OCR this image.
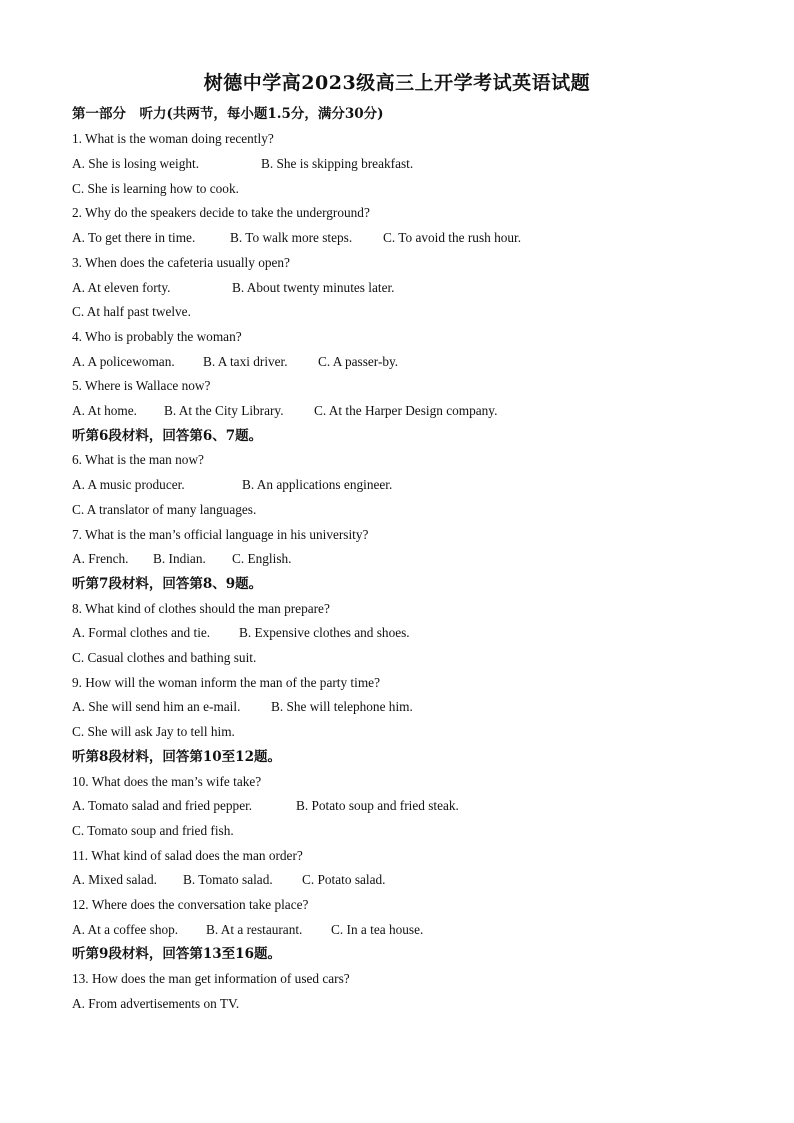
树德中学高2023级高三上开学考试英语试题
第一部分　听力(共两节，每小题1.5分，满分30分)
1. What is the woman doing recently?
A. She is losing weight.	B. She is skipping breakfast.
C. She is learning how to cook.
2. Why do the speakers decide to take the underground?
A. To get there in time.	B. To walk more steps. C. To avoid the rush hour.
3. When does the cafeteria usually open?
A. At eleven forty.	B. About twenty minutes later.
C. At half past twelve.
4. Who is probably the woman?
A. A policewoman. B. A taxi driver. C. A passer-by.
5. Where is Wallace now?
A. At home. B. At the City Library. C. At the Harper Design company.
听第6段材料，回答第6、7题。
6. What is the man now?
A. A music producer.	B. An applications engineer.
C. A translator of many languages.
7. What is the man’s official language in his university?
A. French. B. Indian. C. English.
听第7段材料，回答第8、9题。
8. What kind of clothes should the man prepare?
A. Formal clothes and tie. B. Expensive clothes and shoes.
C. Casual clothes and bathing suit.
9. How will the woman inform the man of the party time?
A. She will send him an e-mail. B. She will telephone him.
C. She will ask Jay to tell him.
听第8段材料，回答第10至12题。
10. What does the man’s wife take?
A. Tomato salad and fried pepper.	B. Potato soup and fried steak.
C. Tomato soup and fried fish.
11. What kind of salad does the man order?
A. Mixed salad. B. Tomato salad. C. Potato salad.
12. Where does the conversation take place?
A. At a coffee shop. B. At a restaurant. C. In a tea house.
听第9段材料，回答第13至16题。
13. How does the man get information of used cars?
A. From advertisements on TV.
